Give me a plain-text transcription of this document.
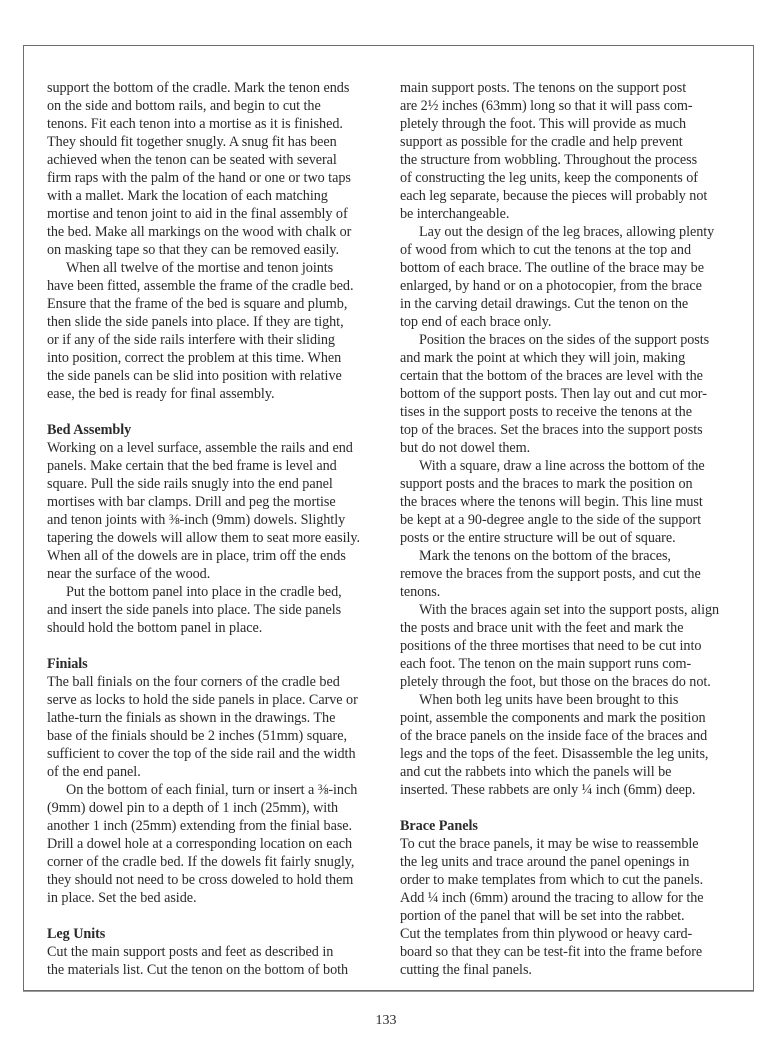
support the bottom of the cradle. Mark the tenon ends
on the side and bottom rails, and begin to cut the
tenons. Fit each tenon into a mortise as it is finished.
They should fit together snugly. A snug fit has been
achieved when the tenon can be seated with several
firm raps with the palm of the hand or one or two taps
with a mallet. Mark the location of each matching
mortise and tenon joint to aid in the final assembly of
the bed. Make all markings on the wood with chalk or
on masking tape so that they can be removed easily.
When all twelve of the mortise and tenon joints
have been fitted, assemble the frame of the cradle bed.
Ensure that the frame of the bed is square and plumb,
then slide the side panels into place. If they are tight,
or if any of the side rails interfere with their sliding
into position, correct the problem at this time. When
the side panels can be slid into position with relative
ease, the bed is ready for final assembly.
Bed Assembly
Working on a level surface, assemble the rails and end
panels. Make certain that the bed frame is level and
square. Pull the side rails snugly into the end panel
mortises with bar clamps. Drill and peg the mortise
and tenon joints with ⅜-inch (9mm) dowels. Slightly
tapering the dowels will allow them to seat more easily.
When all of the dowels are in place, trim off the ends
near the surface of the wood.
Put the bottom panel into place in the cradle bed,
and insert the side panels into place. The side panels
should hold the bottom panel in place.
Finials
The ball finials on the four corners of the cradle bed
serve as locks to hold the side panels in place. Carve or
lathe-turn the finials as shown in the drawings. The
base of the finials should be 2 inches (51mm) square,
sufficient to cover the top of the side rail and the width
of the end panel.
On the bottom of each finial, turn or insert a ⅜-inch
(9mm) dowel pin to a depth of 1 inch (25mm), with
another 1 inch (25mm) extending from the finial base.
Drill a dowel hole at a corresponding location on each
corner of the cradle bed. If the dowels fit fairly snugly,
they should not need to be cross doweled to hold them
in place. Set the bed aside.
Leg Units
Cut the main support posts and feet as described in
the materials list. Cut the tenon on the bottom of both
main support posts. The tenons on the support post
are 2½ inches (63mm) long so that it will pass com-
pletely through the foot. This will provide as much
support as possible for the cradle and help prevent
the structure from wobbling. Throughout the process
of constructing the leg units, keep the components of
each leg separate, because the pieces will probably not
be interchangeable.
Lay out the design of the leg braces, allowing plenty
of wood from which to cut the tenons at the top and
bottom of each brace. The outline of the brace may be
enlarged, by hand or on a photocopier, from the brace
in the carving detail drawings. Cut the tenon on the
top end of each brace only.
Position the braces on the sides of the support posts
and mark the point at which they will join, making
certain that the bottom of the braces are level with the
bottom of the support posts. Then lay out and cut mor-
tises in the support posts to receive the tenons at the
top of the braces. Set the braces into the support posts
but do not dowel them.
With a square, draw a line across the bottom of the
support posts and the braces to mark the position on
the braces where the tenons will begin. This line must
be kept at a 90-degree angle to the side of the support
posts or the entire structure will be out of square.
Mark the tenons on the bottom of the braces,
remove the braces from the support posts, and cut the
tenons.
With the braces again set into the support posts, align
the posts and brace unit with the feet and mark the
positions of the three mortises that need to be cut into
each foot. The tenon on the main support runs com-
pletely through the foot, but those on the braces do not.
When both leg units have been brought to this
point, assemble the components and mark the position
of the brace panels on the inside face of the braces and
legs and the tops of the feet. Disassemble the leg units,
and cut the rabbets into which the panels will be
inserted. These rabbets are only ¼ inch (6mm) deep.
Brace Panels
To cut the brace panels, it may be wise to reassemble
the leg units and trace around the panel openings in
order to make templates from which to cut the panels.
Add ¼ inch (6mm) around the tracing to allow for the
portion of the panel that will be set into the rabbet.
Cut the templates from thin plywood or heavy card-
board so that they can be test-fit into the frame before
cutting the final panels.
133
